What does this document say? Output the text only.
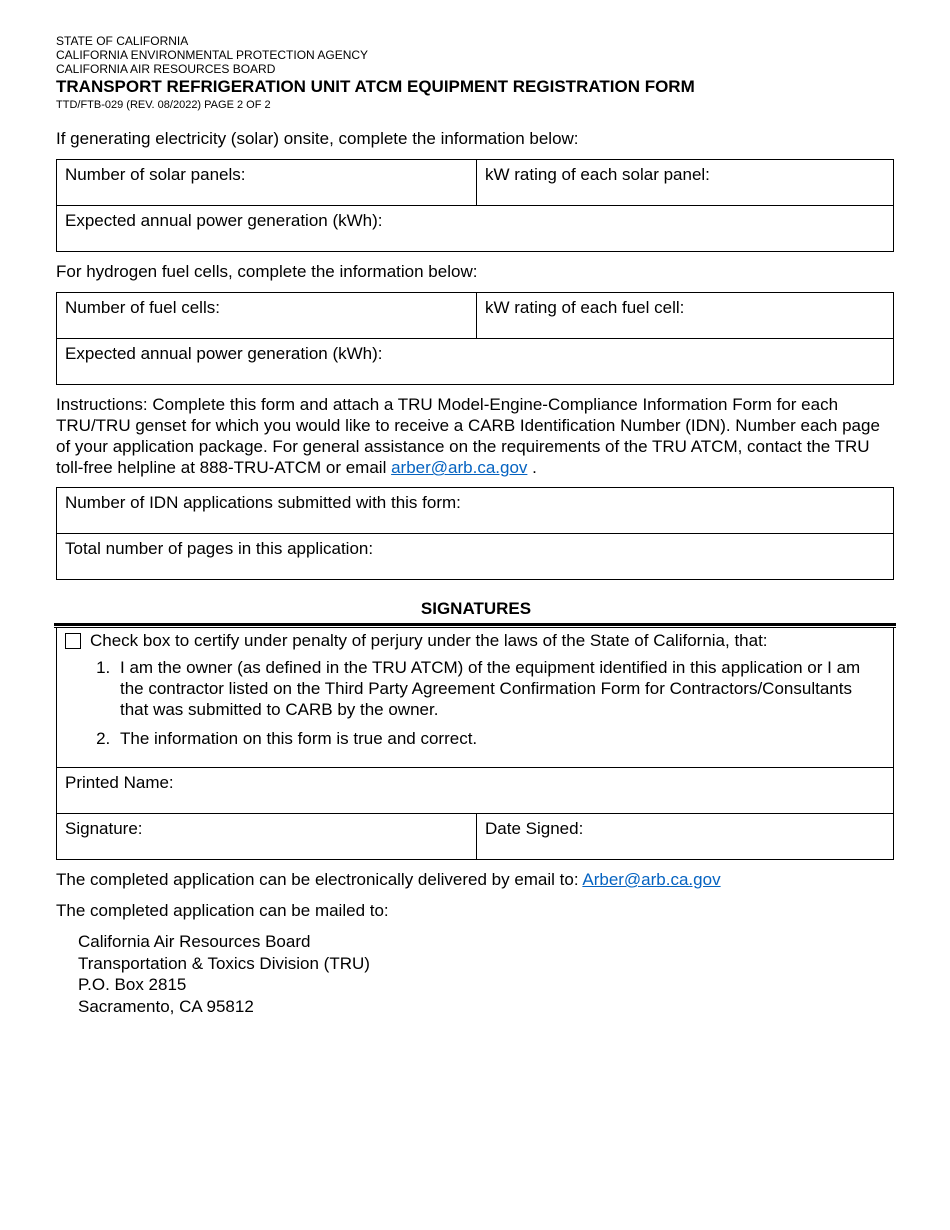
STATE OF CALIFORNIA
CALIFORNIA ENVIRONMENTAL PROTECTION AGENCY
CALIFORNIA AIR RESOURCES BOARD
TRANSPORT REFRIGERATION UNIT ATCM EQUIPMENT REGISTRATION FORM
TTD/FTB-029 (REV. 08/2022) PAGE 2 OF 2
If generating electricity (solar) onsite, complete the information below:
Number of solar panels:	kW rating of each solar panel:
Expected annual power generation (kWh):
For hydrogen fuel cells, complete the information below:
Number of fuel cells:	kW rating of each fuel cell:
Expected annual power generation (kWh):
Instructions: Complete this form and attach a TRU Model-Engine-Compliance Information Form for each TRU/TRU genset for which you would like to receive a CARB Identification Number (IDN). Number each page of your application package. For general assistance on the requirements of the TRU ATCM, contact the TRU toll-free helpline at 888-TRU-ATCM or email arber@arb.ca.gov .
Number of IDN applications submitted with this form:
Total number of pages in this application:
SIGNATURES
Check box to certify under penalty of perjury under the laws of the State of California, that:
1. I am the owner (as defined in the TRU ATCM) of the equipment identified in this application or I am the contractor listed on the Third Party Agreement Confirmation Form for Contractors/Consultants that was submitted to CARB by the owner.
2. The information on this form is true and correct.
Printed Name:
Signature:	Date Signed:
The completed application can be electronically delivered by email to: Arber@arb.ca.gov
The completed application can be mailed to:
California Air Resources Board
Transportation & Toxics Division (TRU)
P.O. Box 2815
Sacramento, CA 95812
